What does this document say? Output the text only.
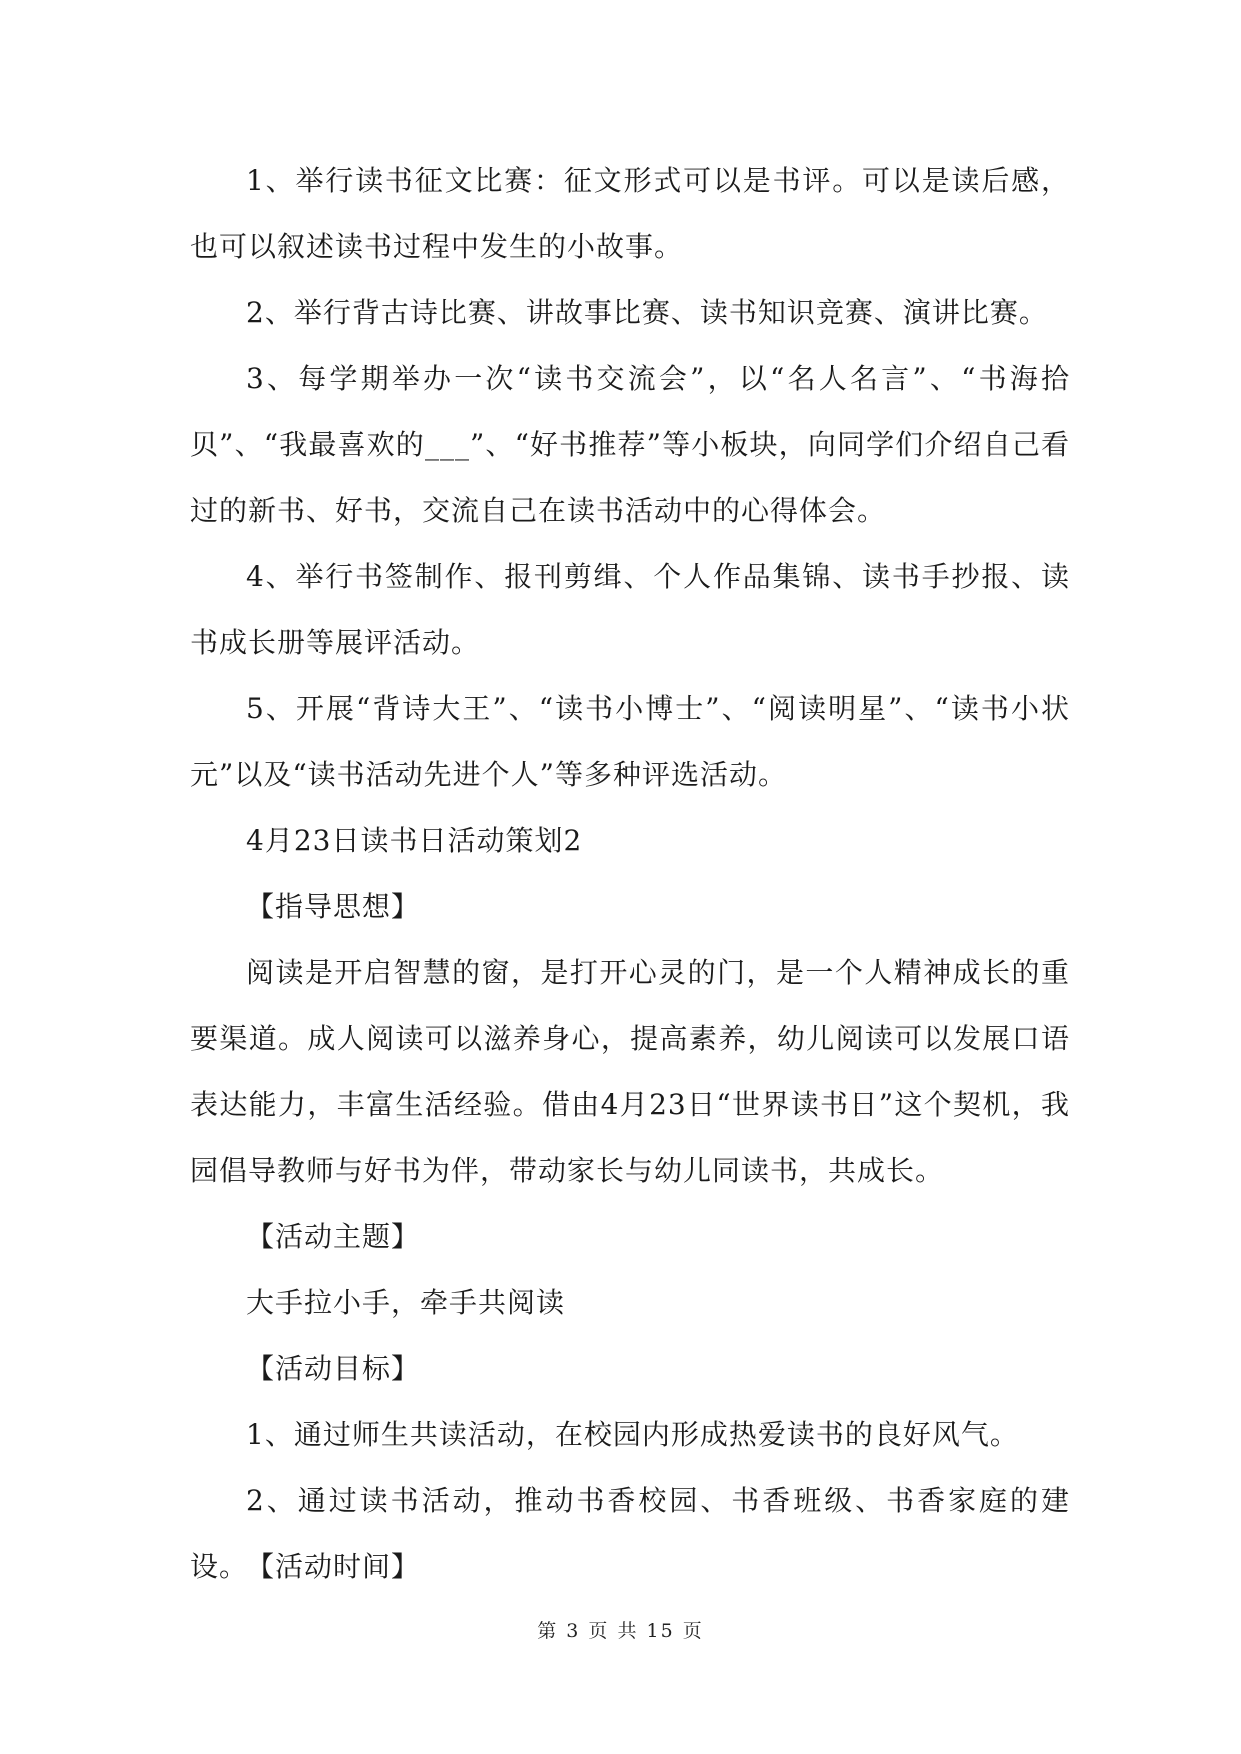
1、举行读书征文比赛：征文形式可以是书评。可以是读后感，也可以叙述读书过程中发生的小故事。

2、举行背古诗比赛、讲故事比赛、读书知识竞赛、演讲比赛。

3、每学期举办一次“读书交流会”，以“名人名言”、“书海拾贝”、“我最喜欢的___”、“好书推荐”等小板块，向同学们介绍自己看过的新书、好书，交流自己在读书活动中的心得体会。

4、举行书签制作、报刊剪缉、个人作品集锦、读书手抄报、读书成长册等展评活动。

5、开展“背诗大王”、“读书小博士”、“阅读明星”、“读书小状元”以及“读书活动先进个人”等多种评选活动。

4月23日读书日活动策划2

【指导思想】

阅读是开启智慧的窗，是打开心灵的门，是一个人精神成长的重要渠道。成人阅读可以滋养身心，提高素养，幼儿阅读可以发展口语表达能力，丰富生活经验。借由4月23日“世界读书日”这个契机，我园倡导教师与好书为伴，带动家长与幼儿同读书，共成长。

【活动主题】

大手拉小手，牵手共阅读

【活动目标】

1、通过师生共读活动，在校园内形成热爱读书的良好风气。

2、通过读书活动，推动书香校园、书香班级、书香家庭的建设。

【活动时间】

第 3 页 共 15 页
